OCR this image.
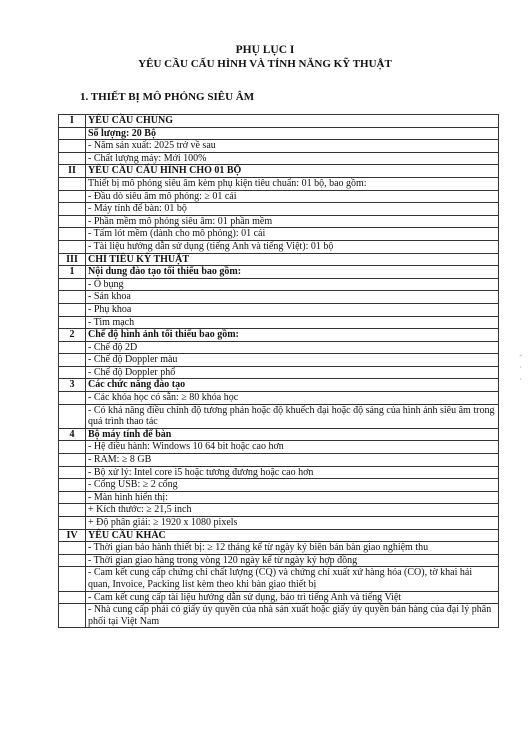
PHỤ LỤC I
YÊU CẦU CẤU HÌNH VÀ TÍNH NĂNG KỸ THUẬT
1. THIẾT BỊ MÔ PHỎNG SIÊU ÂM
I	YÊU CẦU CHUNG
	Số lượng: 20 Bộ
	- Năm sản xuất: 2025 trở về sau
	- Chất lượng máy: Mới 100%
II	YÊU CẦU CẤU HÌNH CHO 01 BỘ
	Thiết bị mô phỏng siêu âm kèm phụ kiện tiêu chuẩn: 01 bộ, bao gồm:
	- Đầu dò siêu âm mô phỏng: ≥ 01 cái
	- Máy tính để bàn: 01 bộ
	- Phần mềm mô phỏng siêu âm: 01 phần mềm
	- Tấm lót mềm (dành cho mô phỏng): 01 cái
	- Tài liệu hướng dẫn sử dụng (tiếng Anh và tiếng Việt): 01 bộ
III	CHỈ TIÊU KỸ THUẬT
1	Nội dung đào tạo tối thiểu bao gồm:
	- Ổ bụng
	- Sản khoa
	- Phụ khoa
	- Tim mạch
2	Chế độ hình ảnh tối thiểu bao gồm:
	- Chế độ 2D
	- Chế độ Doppler màu
	- Chế độ Doppler phổ
3	Các chức năng đào tạo
	- Các khóa học có sẵn: ≥ 80 khóa học
	- Có khả năng điều chỉnh độ tương phản hoặc độ khuếch đại hoặc độ sáng của hình ảnh siêu âm trong quá trình thao tác
4	Bộ máy tính để bàn
	- Hệ điều hành: Windows 10 64 bit hoặc cao hơn
	- RAM: ≥ 8 GB
	- Bộ xử lý: Intel core i5 hoặc tương đương hoặc cao hơn
	- Cổng USB: ≥ 2 cổng
	- Màn hình hiển thị:
	+ Kích thước: ≥ 21,5 inch
	+ Độ phân giải: ≥ 1920 x 1080 pixels
IV	YÊU CẦU KHÁC
	- Thời gian bảo hành thiết bị: ≥ 12 tháng kể từ ngày ký biên bản bàn giao nghiệm thu
	- Thời gian giao hàng trong vòng 120 ngày kể từ ngày ký hợp đồng
	- Cam kết cung cấp chứng chỉ chất lượng (CQ) và chứng chỉ xuất xứ hàng hóa (CO), tờ khai hải quan, Invoice, Packing list kèm theo khi bàn giao thiết bị
	- Cam kết cung cấp tài liệu hướng dẫn sử dụng, bảo trì tiếng Anh và tiếng Việt
	- Nhà cung cấp phải có giấy ủy quyền của nhà sản xuất hoặc giấy ủy quyền bán hàng của đại lý phân phối tại Việt Nam
-
·
·
